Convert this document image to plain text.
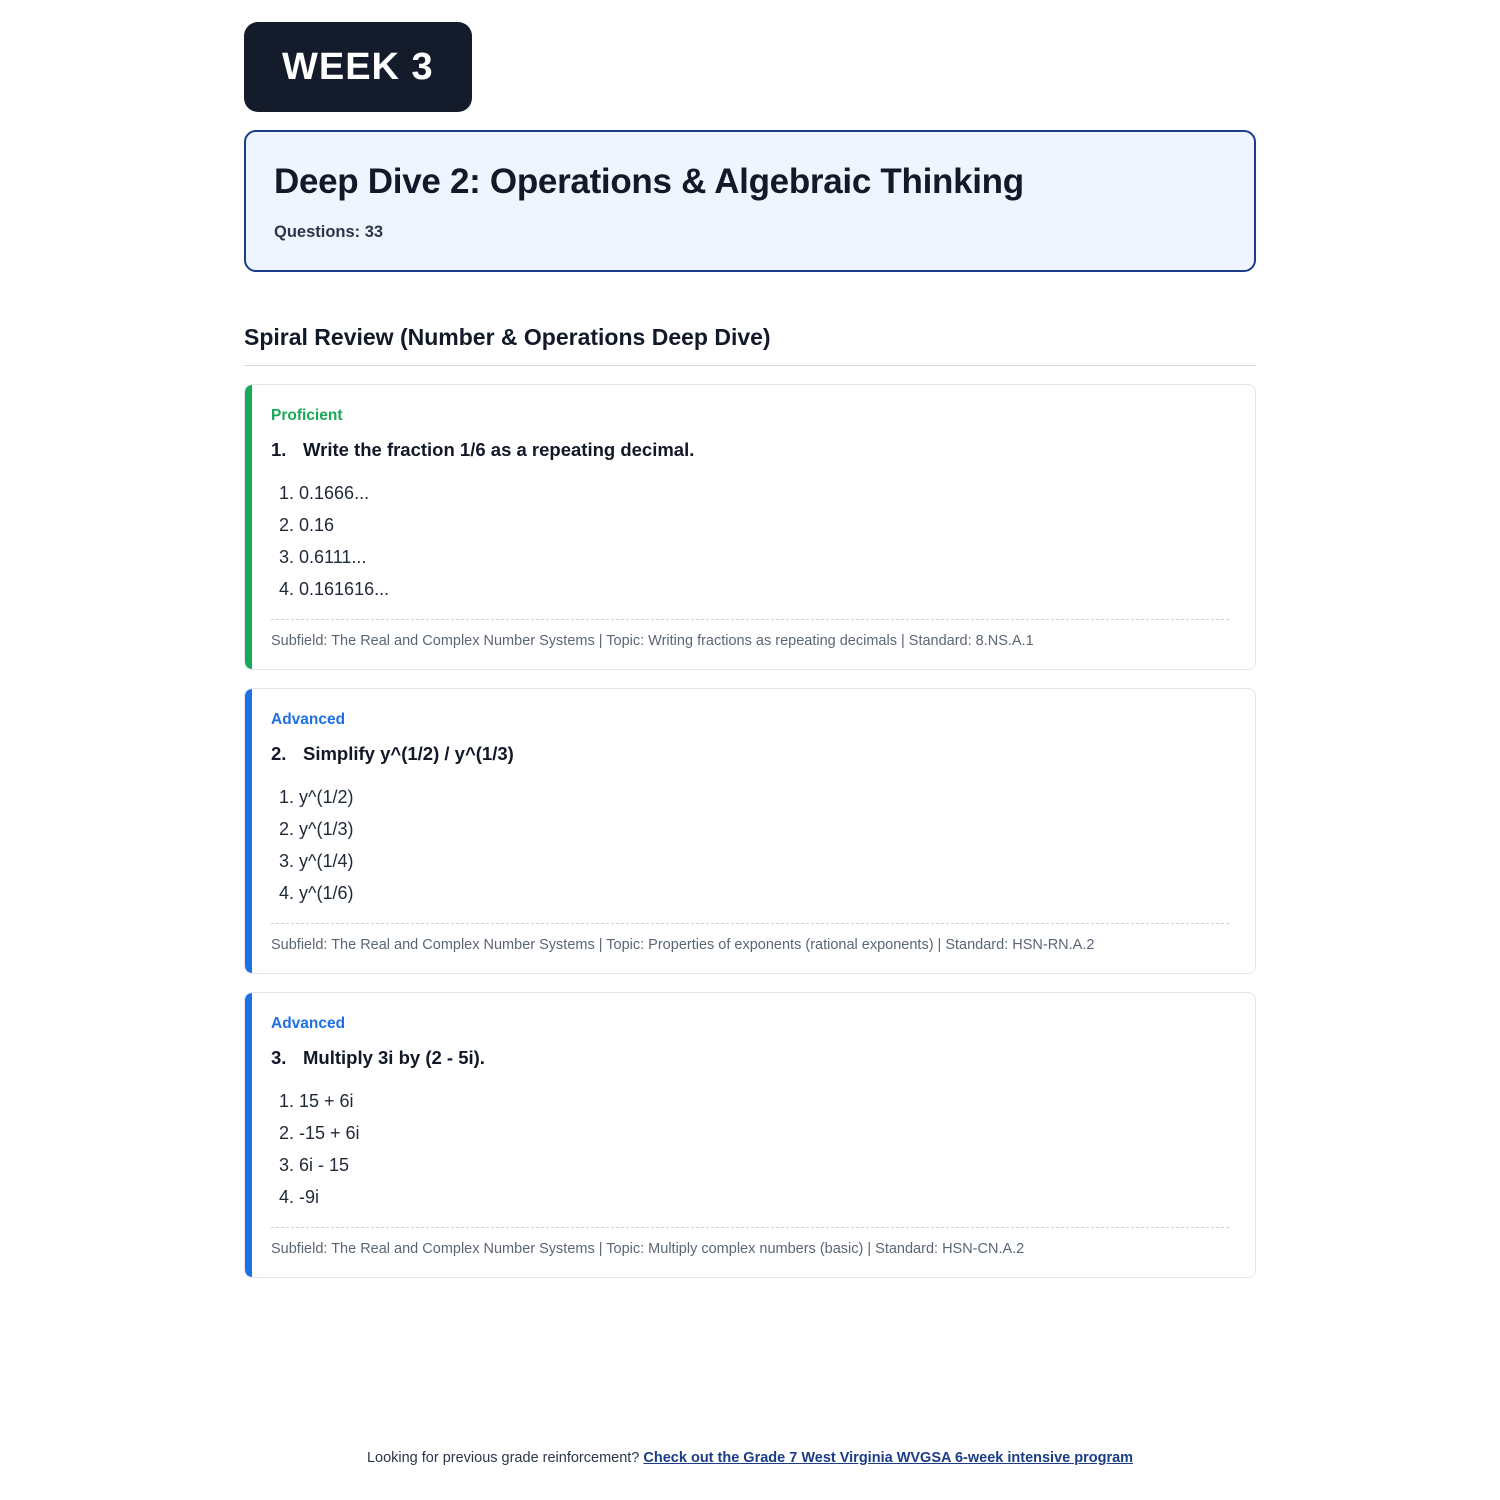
WEEK 3
Deep Dive 2: Operations & Algebraic Thinking
Questions: 33
Spiral Review (Number & Operations Deep Dive)
Proficient
1. Write the fraction 1/6 as a repeating decimal.
1. 0.1666...
2. 0.16
3. 0.6111...
4. 0.161616...
Subfield: The Real and Complex Number Systems | Topic: Writing fractions as repeating decimals | Standard: 8.NS.A.1
Advanced
2. Simplify y^(1/2) / y^(1/3)
1. y^(1/2)
2. y^(1/3)
3. y^(1/4)
4. y^(1/6)
Subfield: The Real and Complex Number Systems | Topic: Properties of exponents (rational exponents) | Standard: HSN-RN.A.2
Advanced
3. Multiply 3i by (2 - 5i).
1. 15 + 6i
2. -15 + 6i
3. 6i - 15
4. -9i
Subfield: The Real and Complex Number Systems | Topic: Multiply complex numbers (basic) | Standard: HSN-CN.A.2
Looking for previous grade reinforcement? Check out the Grade 7 West Virginia WVGSA 6-week intensive program
